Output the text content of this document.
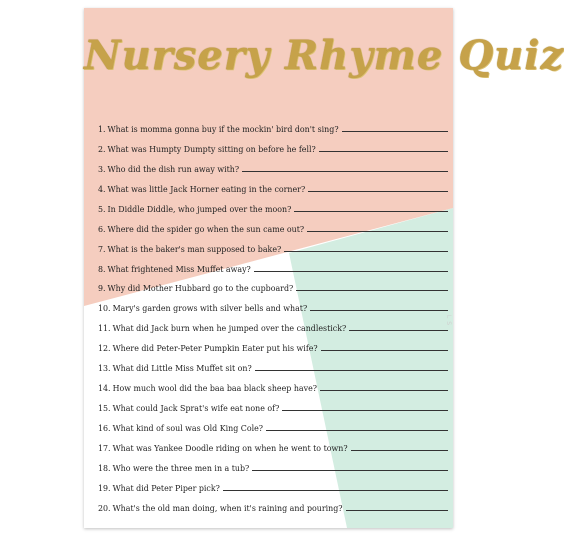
Nursery Rhyme Quiz
1. What is momma gonna buy if the mockin' bird don't sing?
2. What was Humpty Dumpty sitting on before he fell?
3. Who did the dish run away with?
4. What was little Jack Horner eating in the corner?
5. In Diddle Diddle, who jumped over the moon?
6. Where did the spider go when the sun came out?
7. What is the baker's man supposed to bake?
8. What frightened Miss Muffet away?
9. Why did Mother Hubbard go to the cupboard?
10. Mary's garden grows with silver bells and what?
11. What did Jack burn when he jumped over the candlestick?
12. Where did Peter-Peter Pumpkin Eater put his wife?
13. What did Little Miss Muffet sit on?
14. How much wool did the baa baa black sheep have?
15. What could Jack Sprat's wife eat none of?
16. What kind of soul was Old King Cole?
17. What was Yankee Doodle riding on when he went to town?
18. Who were the three men in a tub?
19. What did Peter Piper pick?
20. What's the old man doing, when it's raining and pouring?
LS
